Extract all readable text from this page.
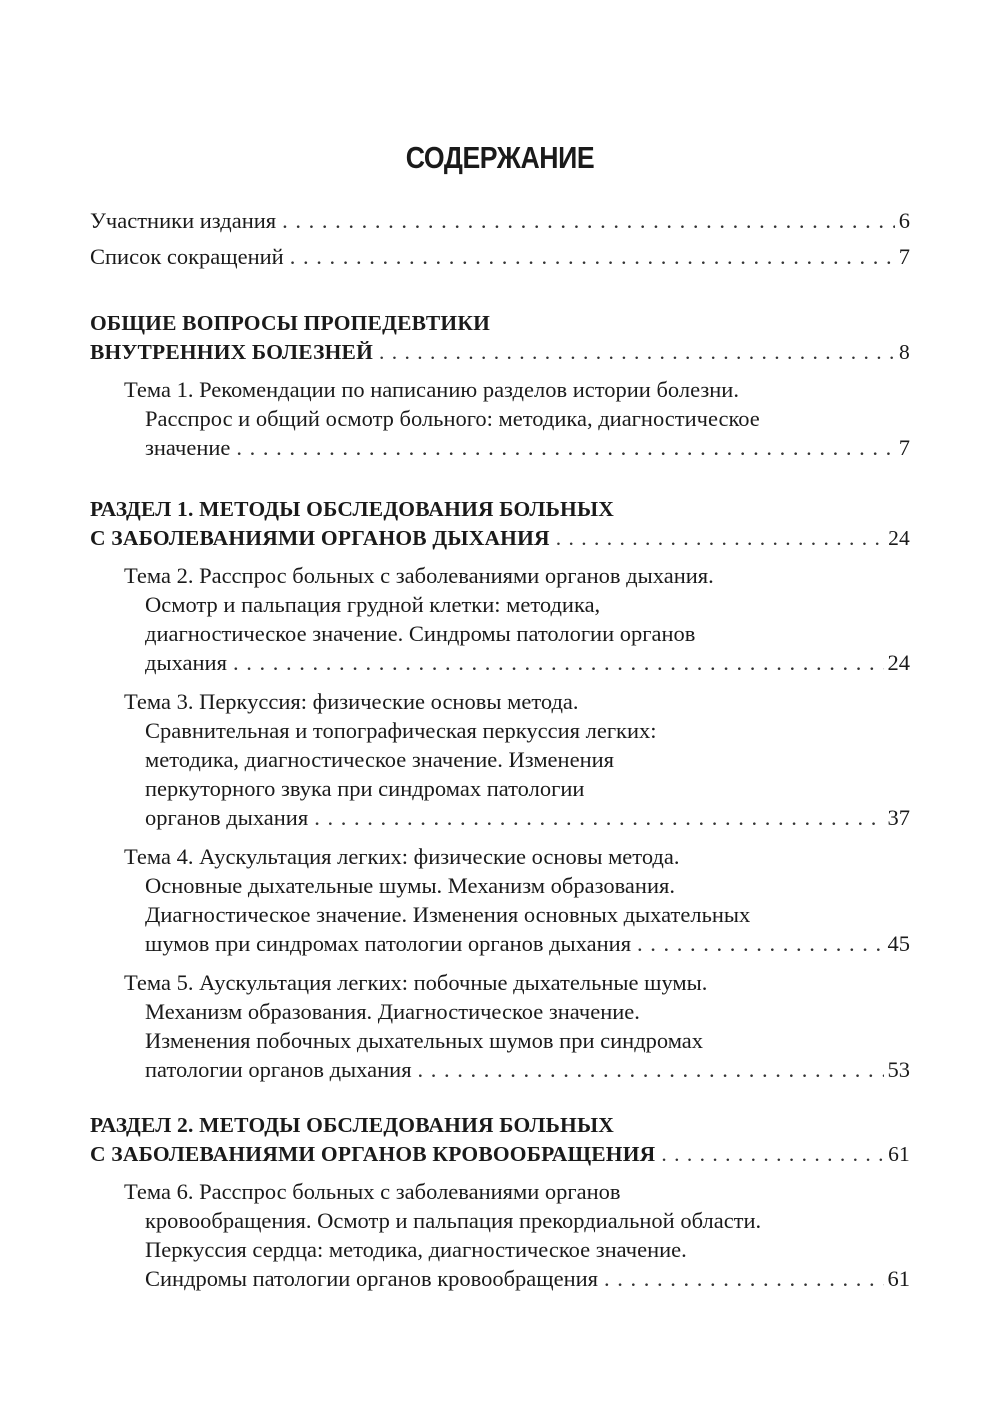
СОДЕРЖАНИЕ
Участники издания . . .	6
Список сокращений . . .	7
ОБЩИЕ ВОПРОСЫ ПРОПЕДЕВТИКИ
ВНУТРЕННИХ БОЛЕЗНЕЙ . . .	8
Тема 1. Рекомендации по написанию разделов истории болезни.
Расспрос и общий осмотр больного: методика, диагностическое
значение . . .	7
РАЗДЕЛ 1. МЕТОДЫ ОБСЛЕДОВАНИЯ БОЛЬНЫХ
С ЗАБОЛЕВАНИЯМИ ОРГАНОВ ДЫХАНИЯ . . .	24
Тема 2. Расспрос больных с заболеваниями органов дыхания.
Осмотр и пальпация грудной клетки: методика,
диагностическое значение. Синдромы патологии органов
дыхания . . .	24
Тема 3. Перкуссия: физические основы метода.
Сравнительная и топографическая перкуссия легких:
методика, диагностическое значение. Изменения
перкуторного звука при синдромах патологии
органов дыхания . . .	37
Тема 4. Аускультация легких: физические основы метода.
Основные дыхательные шумы. Механизм образования.
Диагностическое значение. Изменения основных дыхательных
шумов при синдромах патологии органов дыхания . . .	45
Тема 5. Аускультация легких: побочные дыхательные шумы.
Механизм образования. Диагностическое значение.
Изменения побочных дыхательных шумов при синдромах
патологии органов дыхания . . .	53
РАЗДЕЛ 2. МЕТОДЫ ОБСЛЕДОВАНИЯ БОЛЬНЫХ
С ЗАБОЛЕВАНИЯМИ ОРГАНОВ КРОВООБРАЩЕНИЯ . . .	61
Тема 6. Расспрос больных с заболеваниями органов
кровообращения. Осмотр и пальпация прекордиальной области.
Перкуссия сердца: методика, диагностическое значение.
Синдромы патологии органов кровообращения . . .	61
